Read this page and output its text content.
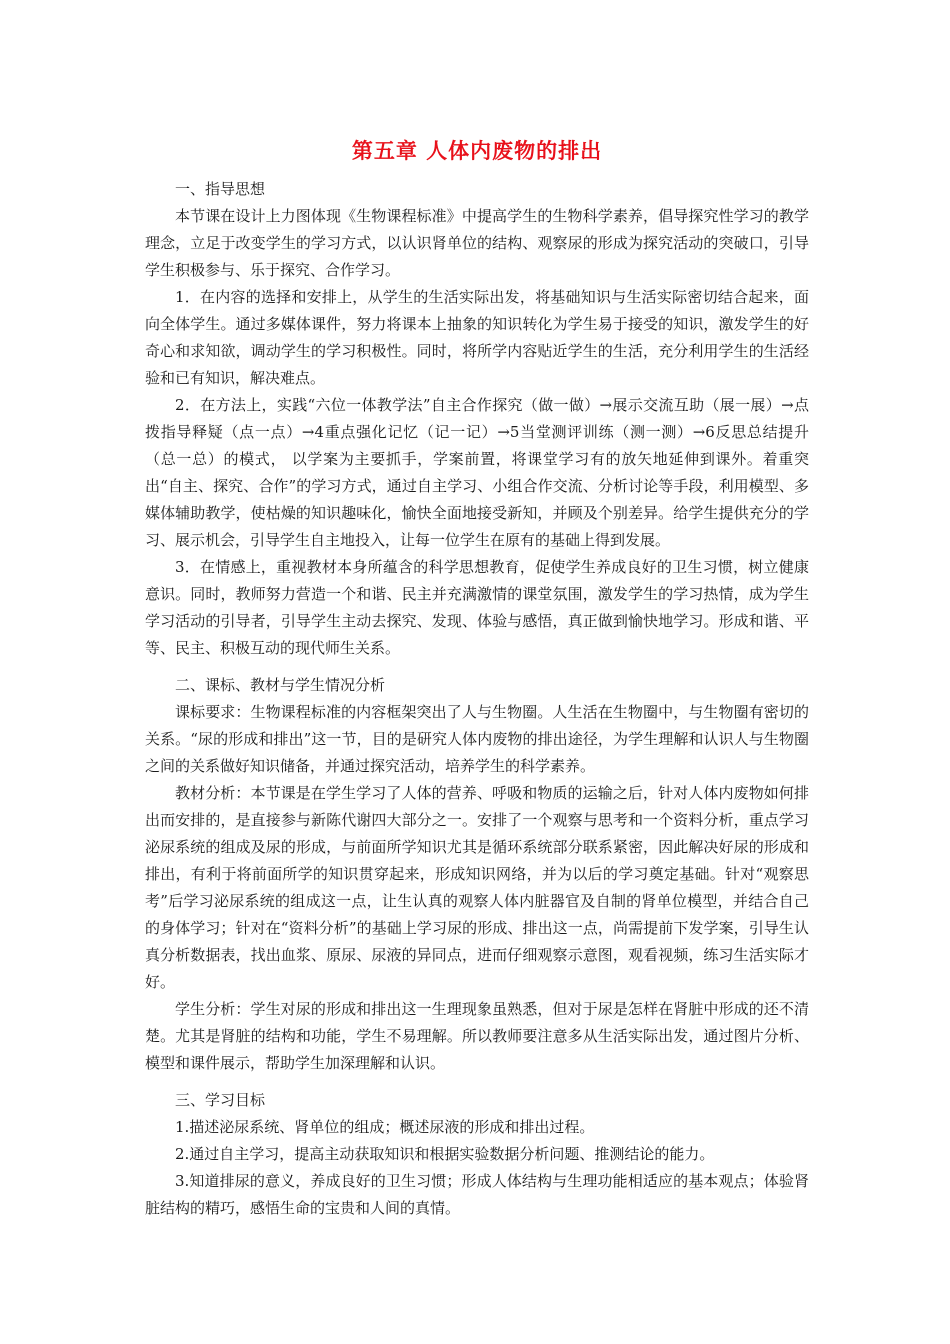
第五章 人体内废物的排出

一、指导思想

本节课在设计上力图体现《生物课程标准》中提高学生的生物科学素养，倡导探究性学习的教学理念，立足于改变学生的学习方式，以认识肾单位的结构、观察尿的形成为探究活动的突破口，引导学生积极参与、乐于探究、合作学习。

1．在内容的选择和安排上，从学生的生活实际出发，将基础知识与生活实际密切结合起来，面向全体学生。通过多媒体课件，努力将课本上抽象的知识转化为学生易于接受的知识，激发学生的好奇心和求知欲，调动学生的学习积极性。同时，将所学内容贴近学生的生活，充分利用学生的生活经验和已有知识，解决难点。

2．在方法上，实践“六位一体教学法”自主合作探究（做一做）→展示交流互助（展一展）→点拨指导释疑（点一点）→4重点强化记忆（记一记）→5当堂测评训练（测一测）→6反思总结提升（总一总）的模式， 以学案为主要抓手，学案前置，将课堂学习有的放矢地延伸到课外。着重突出“自主、探究、合作”的学习方式，通过自主学习、小组合作交流、分析讨论等手段，利用模型、多媒体辅助教学，使枯燥的知识趣味化，愉快全面地接受新知，并顾及个别差异。给学生提供充分的学习、展示机会，引导学生自主地投入，让每一位学生在原有的基础上得到发展。

3．在情感上，重视教材本身所蕴含的科学思想教育，促使学生养成良好的卫生习惯，树立健康意识。同时，教师努力营造一个和谐、民主并充满激情的课堂氛围，激发学生的学习热情，成为学生学习活动的引导者，引导学生主动去探究、发现、体验与感悟，真正做到愉快地学习。形成和谐、平等、民主、积极互动的现代师生关系。

二、课标、教材与学生情况分析

课标要求：生物课程标准的内容框架突出了人与生物圈。人生活在生物圈中，与生物圈有密切的关系。“尿的形成和排出”这一节，目的是研究人体内废物的排出途径，为学生理解和认识人与生物圈之间的关系做好知识储备，并通过探究活动，培养学生的科学素养。

教材分析：本节课是在学生学习了人体的营养、呼吸和物质的运输之后，针对人体内废物如何排出而安排的，是直接参与新陈代谢四大部分之一。安排了一个观察与思考和一个资料分析，重点学习泌尿系统的组成及尿的形成，与前面所学知识尤其是循环系统部分联系紧密，因此解决好尿的形成和排出，有利于将前面所学的知识贯穿起来，形成知识网络，并为以后的学习奠定基础。针对“观察思考”后学习泌尿系统的组成这一点，让生认真的观察人体内脏器官及自制的肾单位模型，并结合自己的身体学习；针对在“资料分析”的基础上学习尿的形成、排出这一点，尚需提前下发学案，引导生认真分析数据表，找出血浆、原尿、尿液的异同点，进而仔细观察示意图，观看视频，练习生活实际才好。

学生分析：学生对尿的形成和排出这一生理现象虽熟悉，但对于尿是怎样在肾脏中形成的还不清楚。尤其是肾脏的结构和功能，学生不易理解。所以教师要注意多从生活实际出发，通过图片分析、模型和课件展示，帮助学生加深理解和认识。

三、学习目标

1.描述泌尿系统、肾单位的组成；概述尿液的形成和排出过程。

2.通过自主学习，提高主动获取知识和根据实验数据分析问题、推测结论的能力。

3.知道排尿的意义，养成良好的卫生习惯；形成人体结构与生理功能相适应的基本观点；体验肾脏结构的精巧，感悟生命的宝贵和人间的真情。
